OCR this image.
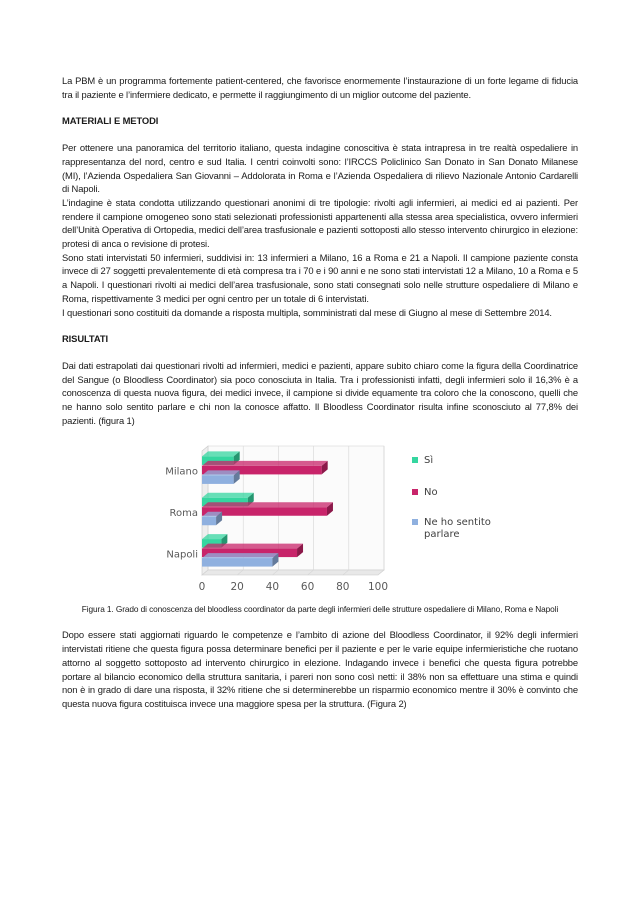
La PBM è un programma fortemente patient-centered, che favorisce enormemente l’instaurazione di un forte legame di fiducia tra il paziente e l’infermiere dedicato, e permette il raggiungimento di un miglior outcome del paziente.

MATERIALI E METODI

Per ottenere una panoramica del territorio italiano, questa indagine conoscitiva è stata intrapresa in tre realtà ospedaliere in rappresentanza del nord, centro e sud Italia. I centri coinvolti sono: l’IRCCS Policlinico San Donato in San Donato Milanese (MI), l’Azienda Ospedaliera San Giovanni – Addolorata in Roma e l’Azienda Ospedaliera di rilievo Nazionale Antonio Cardarelli di Napoli.

L’indagine è stata condotta utilizzando questionari anonimi di tre tipologie: rivolti agli infermieri, ai medici ed ai pazienti. Per rendere il campione omogeneo sono stati selezionati professionisti appartenenti alla stessa area specialistica, ovvero infermieri dell’Unità Operativa di Ortopedia, medici dell’area trasfusionale e pazienti sottoposti allo stesso intervento chirurgico in elezione: protesi di anca o revisione di protesi.

Sono stati intervistati 50 infermieri, suddivisi in: 13 infermieri a Milano, 16 a Roma e 21 a Napoli. Il campione paziente consta invece di 27 soggetti prevalentemente di età compresa tra i 70 e i 90 anni e ne sono stati intervistati 12 a Milano, 10 a Roma e 5 a Napoli. I questionari rivolti ai medici dell’area trasfusionale, sono stati consegnati solo nelle strutture ospedaliere di Milano e Roma, rispettivamente 3 medici per ogni centro per un totale di 6 intervistati.

I questionari sono costituiti da domande a risposta multipla, somministrati dal mese di Giugno al mese di Settembre 2014.

RISULTATI

Dai dati estrapolati dai questionari rivolti ad infermieri, medici e pazienti, appare subito chiaro come la figura della Coordinatrice del Sangue (o Bloodless Coordinator) sia poco conosciuta in Italia. Tra i professionisti infatti, degli infermieri solo il 16,3% è a conoscenza di questa nuova figura, dei medici invece, il campione si divide equamente tra coloro che la conoscono, quelli che ne hanno solo sentito parlare e chi non la conosce affatto. Il Bloodless Coordinator risulta infine sconosciuto al 77,8% dei pazienti. (figura 1)

0 20 40 60 80 100
Milano
Roma
Napoli
Sì
No
Ne ho sentito
parlare

Figura 1. Grado di conoscenza del bloodless coordinator da parte degli infermieri delle strutture ospedaliere di Milano, Roma e Napoli

Dopo essere stati aggiornati riguardo le competenze e l’ambito di azione del Bloodless Coordinator, il 92% degli infermieri intervistati ritiene che questa figura possa determinare benefici per il paziente e per le varie equipe infermieristiche che ruotano attorno al soggetto sottoposto ad intervento chirurgico in elezione. Indagando invece i benefici che questa figura potrebbe portare al bilancio economico della struttura sanitaria, i pareri non sono così netti: il 38% non sa effettuare una stima e quindi non è in grado di dare una risposta, il 32% ritiene che si determinerebbe un risparmio economico mentre il 30% è convinto che questa nuova figura costituisca invece una maggiore spesa per la struttura. (Figura 2)
